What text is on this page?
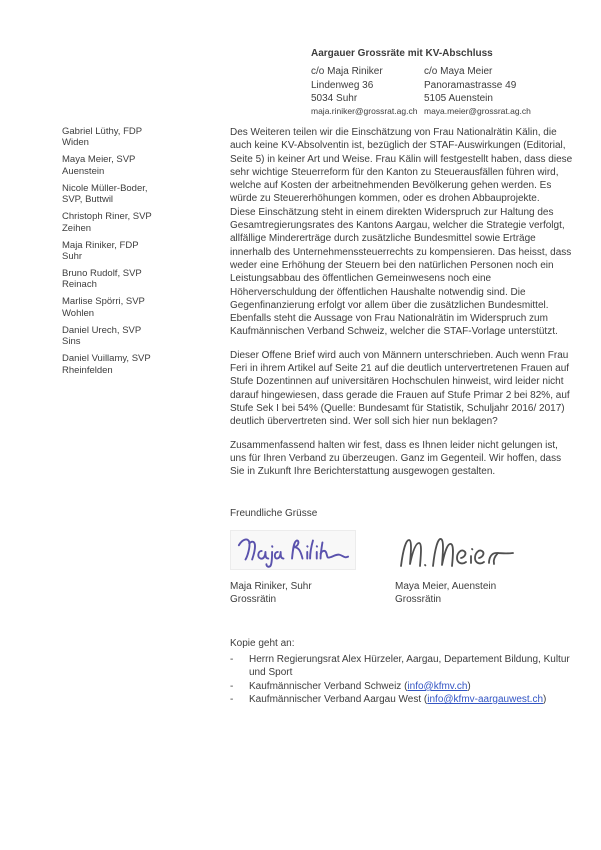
Aargauer Grossräte mit KV-Abschluss
c/o Maja Riniker
Lindenweg 36
5034 Suhr
maja.riniker@grossrat.ag.ch
c/o Maya Meier
Panoramastrasse 49
5105 Auenstein
maya.meier@grossrat.ag.ch
Gabriel Lüthy, FDP
Widen
Maya Meier, SVP
Auenstein
Nicole Müller-Boder,
SVP, Buttwil
Christoph Riner, SVP
Zeihen
Maja Riniker, FDP
Suhr
Bruno Rudolf, SVP
Reinach
Marlise Spörri, SVP
Wohlen
Daniel Urech, SVP
Sins
Daniel Vuillamy, SVP
Rheinfelden

Des Weiteren teilen wir die Einschätzung von Frau Nationalrätin Kälin, die auch keine KV-Absolventin ist, bezüglich der STAF-Auswirkungen (Editorial, Seite 5) in keiner Art und Weise. Frau Kälin will festgestellt haben, dass diese sehr wichtige Steuerreform für den Kanton zu Steuerausfällen führen wird, welche auf Kosten der arbeitnehmenden Bevölkerung gehen werden. Es würde zu Steuererhöhungen kommen, oder es drohen Abbauprojekte.

Diese Einschätzung steht in einem direkten Widerspruch zur Haltung des Gesamtregierungsrates des Kantons Aargau, welcher die Strategie verfolgt, allfällige Mindererträge durch zusätzliche Bundesmittel sowie Erträge innerhalb des Unternehmenssteuerrechts zu kompensieren. Das heisst, dass weder eine Erhöhung der Steuern bei den natürlichen Personen noch ein Leistungsabbau des öffentlichen Gemeinwesens noch eine Höherverschuldung der öffentlichen Haushalte notwendig sind. Die Gegenfinanzierung erfolgt vor allem über die zusätzlichen Bundesmittel. Ebenfalls steht die Aussage von Frau Nationalrätin im Widerspruch zum Kaufmännischen Verband Schweiz, welcher die STAF-Vorlage unterstützt.

Dieser Offene Brief wird auch von Männern unterschrieben. Auch wenn Frau Feri in ihrem Artikel auf Seite 21 auf die deutlich untervertretenen Frauen auf Stufe Dozentinnen auf universitären Hochschulen hinweist, wird leider nicht darauf hingewiesen, dass gerade die Frauen auf Stufe Primar 2 bei 82%, auf Stufe Sek I bei 54% (Quelle: Bundesamt für Statistik, Schuljahr 2016/ 2017) deutlich übervertreten sind. Wer soll sich hier nun beklagen?

Zusammenfassend halten wir fest, dass es Ihnen leider nicht gelungen ist, uns für Ihren Verband zu überzeugen. Ganz im Gegenteil. Wir hoffen, dass Sie in Zukunft Ihre Berichterstattung ausgewogen gestalten.

Freundliche Grüsse
Maja Riniker, Suhr
Grossrätin
Maya Meier, Auenstein
Grossrätin
Kopie geht an:
-	Herrn Regierungsrat Alex Hürzeler, Aargau, Departement Bildung, Kultur und Sport
-	Kaufmännischer Verband Schweiz (info@kfmv.ch)
-	Kaufmännischer Verband Aargau West (info@kfmv-aargauwest.ch)
